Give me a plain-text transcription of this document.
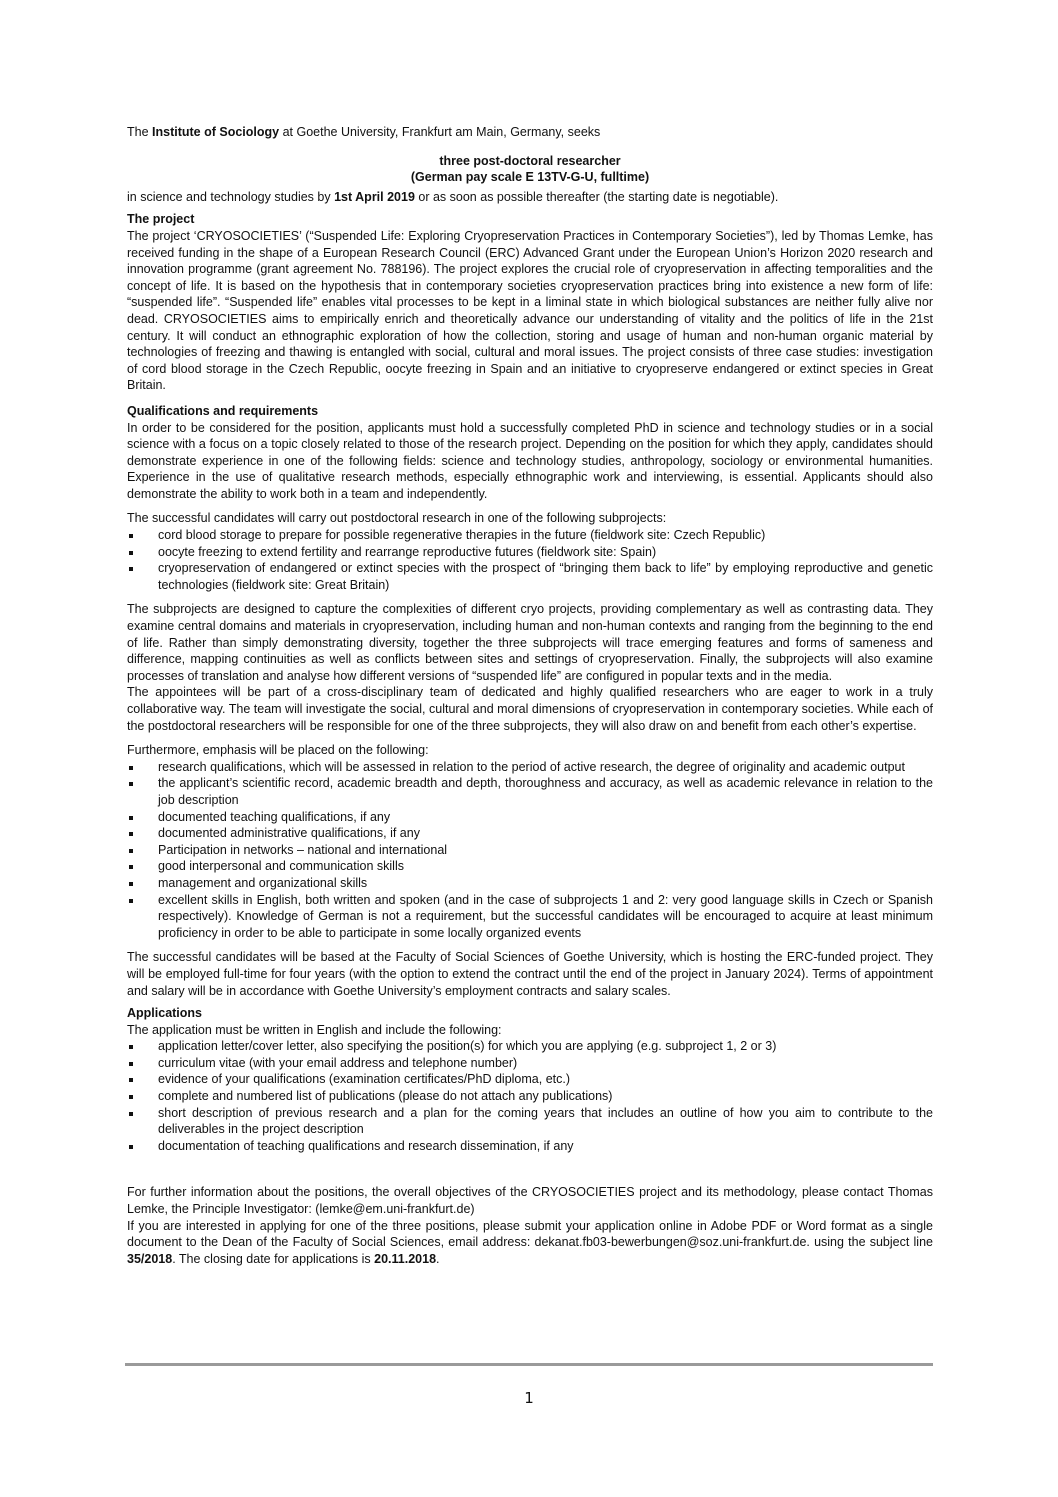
The Institute of Sociology at Goethe University, Frankfurt am Main, Germany, seeks

three post-doctoral researcher

(German pay scale E 13TV-G-U, fulltime)

in science and technology studies by 1st April 2019 or as soon as possible thereafter (the starting date is negotiable).

The project

The project ‘CRYOSOCIETIES’ (“Suspended Life: Exploring Cryopreservation Practices in Contemporary Societies”), led by Thomas Lemke, has received funding in the shape of a European Research Council (ERC) Advanced Grant under the European Union’s Horizon 2020 research and innovation programme (grant agreement No. 788196). The project explores the crucial role of cryopreservation in affecting temporalities and the concept of life. It is based on the hypothesis that in contemporary societies cryopreservation practices bring into existence a new form of life: “suspended life”. “Suspended life” enables vital processes to be kept in a liminal state in which biological substances are neither fully alive nor dead. CRYOSOCIETIES aims to empirically enrich and theoretically advance our understanding of vitality and the politics of life in the 21st century. It will conduct an ethnographic exploration of how the collection, storing and usage of human and non-human organic material by technologies of freezing and thawing is entangled with social, cultural and moral issues. The project consists of three case studies: investigation of cord blood storage in the Czech Republic, oocyte freezing in Spain and an initiative to cryopreserve endangered or extinct species in Great Britain.

Qualifications and requirements

In order to be considered for the position, applicants must hold a successfully completed PhD in science and technology studies or in a social science with a focus on a topic closely related to those of the research project. Depending on the position for which they apply, candidates should demonstrate experience in one of the following fields: science and technology studies, anthropology, sociology or environmental humanities. Experience in the use of qualitative research methods, especially ethnographic work and interviewing, is essential. Applicants should also demonstrate the ability to work both in a team and independently.

The successful candidates will carry out postdoctoral research in one of the following subprojects:

cord blood storage to prepare for possible regenerative therapies in the future (fieldwork site: Czech Republic)
oocyte freezing to extend fertility and rearrange reproductive futures (fieldwork site: Spain)
cryopreservation of endangered or extinct species with the prospect of “bringing them back to life” by employing reproductive and genetic technologies (fieldwork site: Great Britain)

The subprojects are designed to capture the complexities of different cryo projects, providing complementary as well as contrasting data. They examine central domains and materials in cryopreservation, including human and non-human contexts and ranging from the beginning to the end of life. Rather than simply demonstrating diversity, together the three subprojects will trace emerging features and forms of sameness and difference, mapping continuities as well as conflicts between sites and settings of cryopreservation. Finally, the subprojects will also examine processes of translation and analyse how different versions of “suspended life” are configured in popular texts and in the media.

The appointees will be part of a cross-disciplinary team of dedicated and highly qualified researchers who are eager to work in a truly collaborative way. The team will investigate the social, cultural and moral dimensions of cryopreservation in contemporary societies. While each of the postdoctoral researchers will be responsible for one of the three subprojects, they will also draw on and benefit from each other’s expertise.

Furthermore, emphasis will be placed on the following:

research qualifications, which will be assessed in relation to the period of active research, the degree of originality and academic output
the applicant’s scientific record, academic breadth and depth, thoroughness and accuracy, as well as academic relevance in relation to the job description
documented teaching qualifications, if any
documented administrative qualifications, if any
Participation in networks – national and international
good interpersonal and communication skills
management and organizational skills
excellent skills in English, both written and spoken (and in the case of subprojects 1 and 2: very good language skills in Czech or Spanish respectively). Knowledge of German is not a requirement, but the successful candidates will be encouraged to acquire at least minimum proficiency in order to be able to participate in some locally organized events

The successful candidates will be based at the Faculty of Social Sciences of Goethe University, which is hosting the ERC-funded project. They will be employed full-time for four years (with the option to extend the contract until the end of the project in January 2024). Terms of appointment and salary will be in accordance with Goethe University’s employment contracts and salary scales.

Applications

The application must be written in English and include the following:

application letter/cover letter, also specifying the position(s) for which you are applying (e.g. subproject 1, 2 or 3)
curriculum vitae (with your email address and telephone number)
evidence of your qualifications (examination certificates/PhD diploma, etc.)
complete and numbered list of publications (please do not attach any publications)
short description of previous research and a plan for the coming years that includes an outline of how you aim to contribute to the deliverables in the project description
documentation of teaching qualifications and research dissemination, if any

For further information about the positions, the overall objectives of the CRYOSOCIETIES project and its methodology, please contact Thomas Lemke, the Principle Investigator: (lemke@em.uni-frankfurt.de)

If you are interested in applying for one of the three positions, please submit your application online in Adobe PDF or Word format as a single document to the Dean of the Faculty of Social Sciences, email address: dekanat.fb03-bewerbungen@soz.uni-frankfurt.de. using the subject line 35/2018. The closing date for applications is 20.11.2018.

1
